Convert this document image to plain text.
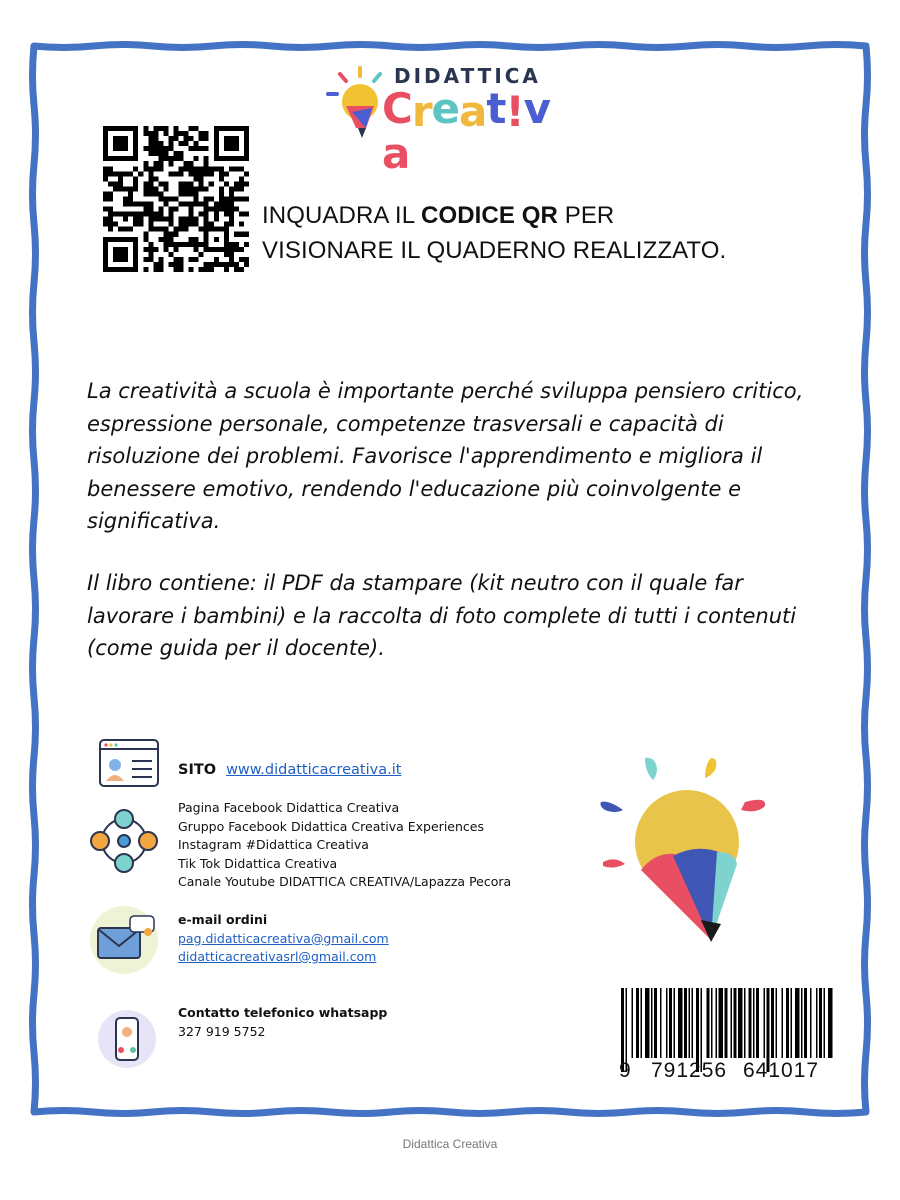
DIDATTICA
Creat!va
INQUADRA IL CODICE QR PER
VISIONARE IL QUADERNO REALIZZATO.
La creatività a scuola è importante perché sviluppa pensiero critico, espressione personale, competenze trasversali e capacità di risoluzione dei problemi. Favorisce l'apprendimento e migliora il benessere emotivo, rendendo l'educazione più coinvolgente e significativa.
Il libro contiene: il PDF da stampare (kit neutro con il quale far lavorare i bambini) e la raccolta di foto complete di tutti i contenuti (come guida per il docente).
SITO www.didatticacreativa.it
Pagina Facebook Didattica Creativa
Gruppo Facebook Didattica Creativa Experiences
Instagram #Didattica Creativa
Tik Tok Didattica Creativa
Canale Youtube DIDATTICA CREATIVA/Lapazza Pecora
e-mail ordini
pag.didatticacreativa@gmail.com
didatticacreativasrl@gmail.com
Contatto telefonico whatsapp
327 919 5752
9 791256 641017
Didattica Creativa
